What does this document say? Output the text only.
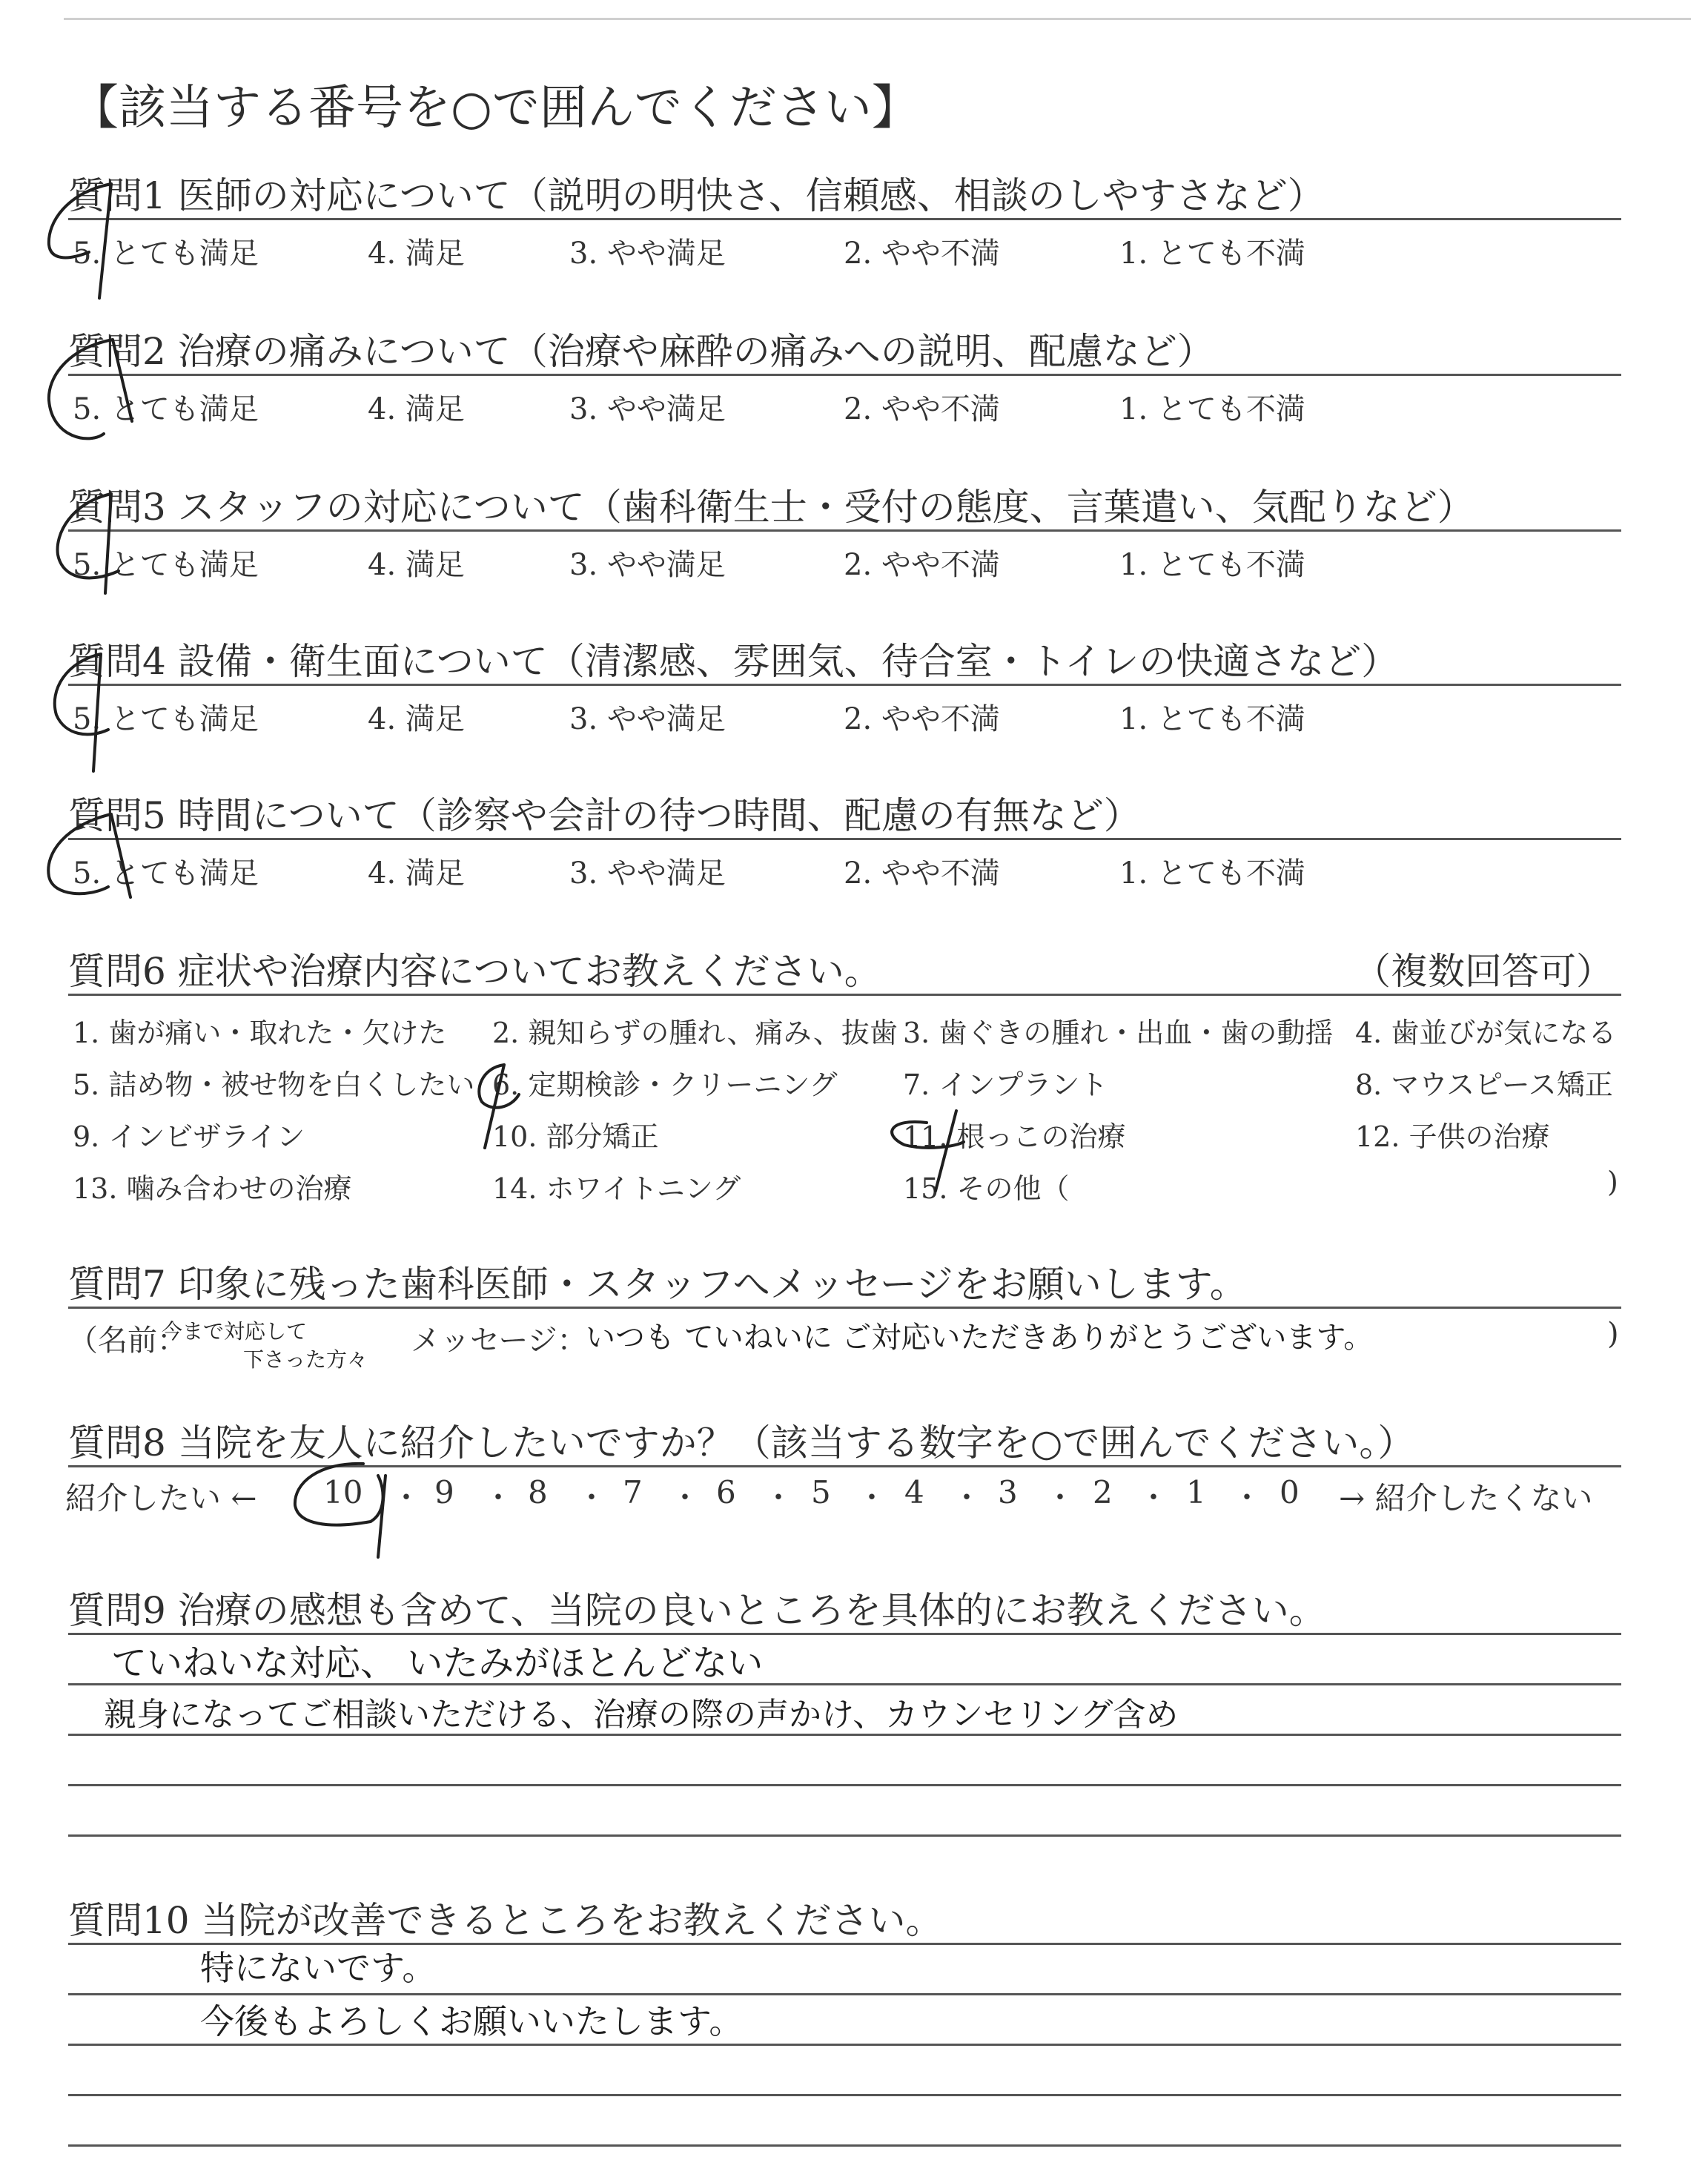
【該当する番号を○で囲んでください】
質問1 医師の対応について（説明の明快さ、信頼感、相談のしやすさなど）
5. とても満足	4. 満足	3. やや満足	2. やや不満	1. とても不満
質問2 治療の痛みについて（治療や麻酔の痛みへの説明、配慮など）
5. とても満足	4. 満足	3. やや満足	2. やや不満	1. とても不満
質問3 スタッフの対応について（歯科衛生士・受付の態度、言葉遣い、気配りなど）
5. とても満足	4. 満足	3. やや満足	2. やや不満	1. とても不満
質問4 設備・衛生面について（清潔感、雰囲気、待合室・トイレの快適さなど）
5. とても満足	4. 満足	3. やや満足	2. やや不満	1. とても不満
質問5 時間について（診察や会計の待つ時間、配慮の有無など）
5. とても満足	4. 満足	3. やや満足	2. やや不満	1. とても不満
質問6 症状や治療内容についてお教えください。	（複数回答可）
1. 歯が痛い・取れた・欠けた 2. 親知らずの腫れ、痛み、抜歯 3. 歯ぐきの腫れ・出血・歯の動揺 4. 歯並びが気になる
5. 詰め物・被せ物を白くしたい 6. 定期検診・クリーニング 7. インプラント	8. マウスピース矯正
9. インビザライン	10. 部分矯正	11. 根っこの治療	12. 子供の治療
13. 噛み合わせの治療	14. ホワイトニング	15. その他（	)
質問7 印象に残った歯科医師・スタッフへメッセージをお願いします。
（名前：
今まで対応して
下さった方々
メッセージ：
いつも ていねいに ご対応いただきありがとうございます。	)
質問8 当院を友人に紹介したいですか？（該当する数字を○で囲んでください。）
紹介したい ← 10 ・ 9 ・ 8 ・ 7 ・ 6 ・ 5 ・ 4 ・ 3 ・ 2 ・ 1 ・ 0 → 紹介したくない
質問9 治療の感想も含めて、当院の良いところを具体的にお教えください。
ていねいな対応、 いたみがほとんどない
親身になってご相談いただける、治療の際の声かけ、カウンセリング含め
質問10 当院が改善できるところをお教えください。
特にないです。
今後もよろしくお願いいたします。
